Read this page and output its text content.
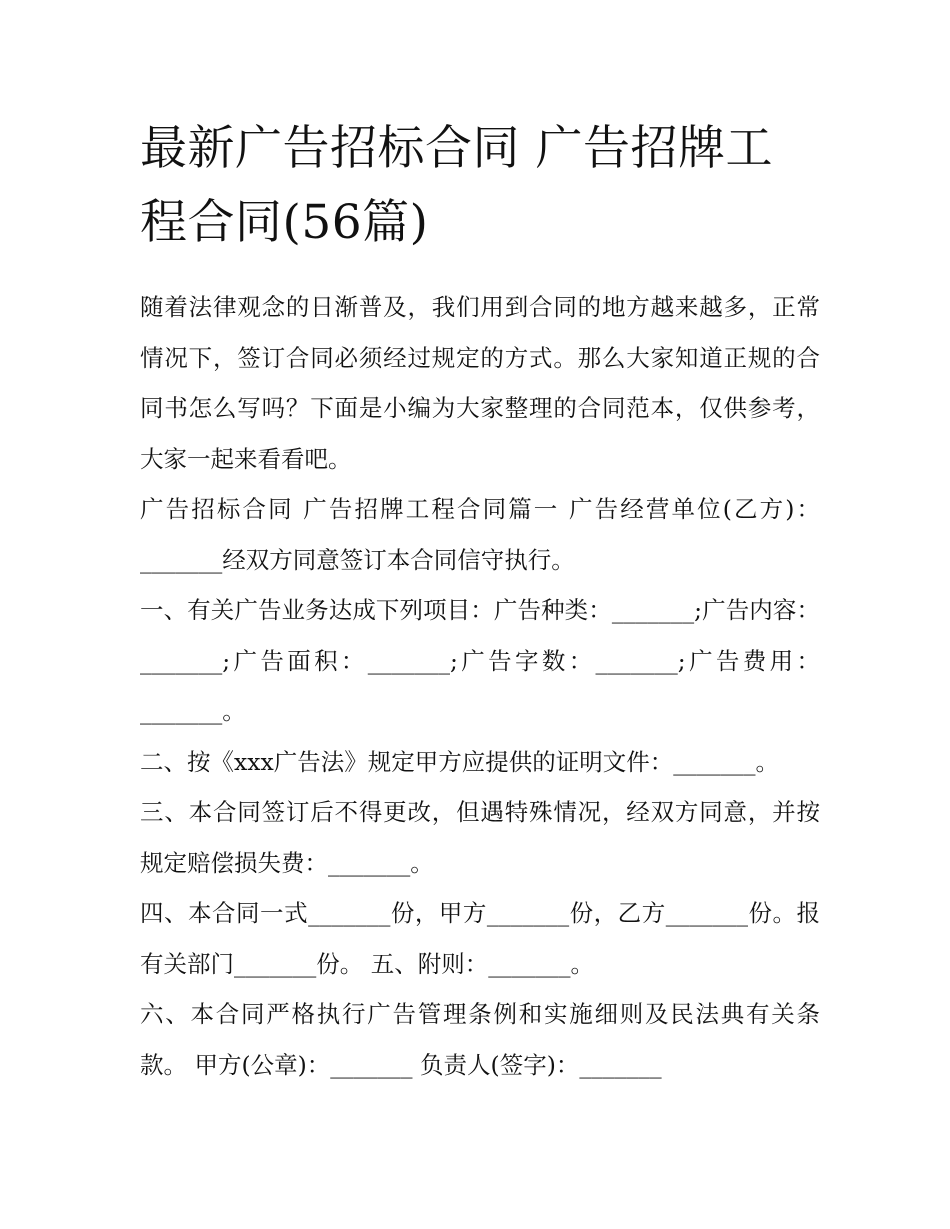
最新广告招标合同 广告招牌工程合同(56篇)

随着法律观念的日渐普及，我们用到合同的地方越来越多，正常情况下，签订合同必须经过规定的方式。那么大家知道正规的合同书怎么写吗？下面是小编为大家整理的合同范本，仅供参考，大家一起来看看吧。

广告招标合同 广告招牌工程合同篇一 广告经营单位(乙方)：_______经双方同意签订本合同信守执行。

一、有关广告业务达成下列项目：广告种类：_______;广告内容：_______;广告面积：_______;广告字数：_______;广告费用：_______。

二、按《xxx广告法》规定甲方应提供的证明文件：_______。

三、本合同签订后不得更改，但遇特殊情况，经双方同意，并按规定赔偿损失费：_______。

四、本合同一式_______份，甲方_______份，乙方_______份。报有关部门_______份。 五、附则：_______。

六、本合同严格执行广告管理条例和实施细则及民法典有关条款。 甲方(公章)：_______ 负责人(签字)：_______
